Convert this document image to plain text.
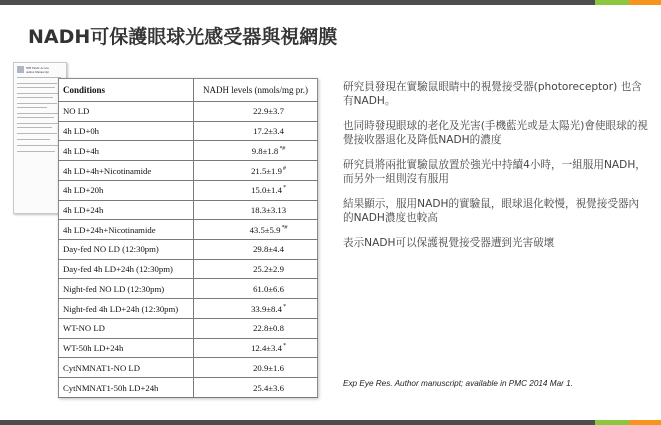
NADH可保護眼球光感受器與視網膜
NIH Public Access
Author Manuscript
Conditions	NADH levels (nmols/mg pr.)
NO LD	22.9±3.7
4h LD+0h	17.2±3.4
4h LD+4h	9.8±1.8*#
4h LD+4h+Nicotinamide	21.5±1.9#
4h LD+20h	15.0±1.4*
4h LD+24h	18.3±3.13
4h LD+24h+Nicotinamide	43.5±5.9*#
Day-fed NO LD (12:30pm)	29.8±4.4
Day-fed 4h LD+24h (12:30pm)	25.2±2.9
Night-fed NO LD (12:30pm)	61.0±6.6
Night-fed 4h LD+24h (12:30pm)	33.9±8.4*
WT-NO LD	22.8±0.8
WT-50h LD+24h	12.4±3.4*
CytNMNAT1-NO LD	20.9±1.6
CytNMNAT1-50h LD+24h	25.4±3.6

研究員發現在實驗鼠眼睛中的視覺接受器(photoreceptor) 也含有NADH。

也同時發現眼球的老化及光害(手機藍光或是太陽光)會使眼球的視覺接收器退化及降低NADH的濃度

研究員將兩批實驗鼠放置於強光中持續4小時，一組服用NADH，而另外一組則沒有服用

結果顯示，服用NADH的實驗鼠，眼球退化較慢，視覺接受器內的NADH濃度也較高

表示NADH可以保護視覺接受器遭到光害破壞

Exp Eye Res. Author manuscript; available in PMC 2014 Mar 1.
